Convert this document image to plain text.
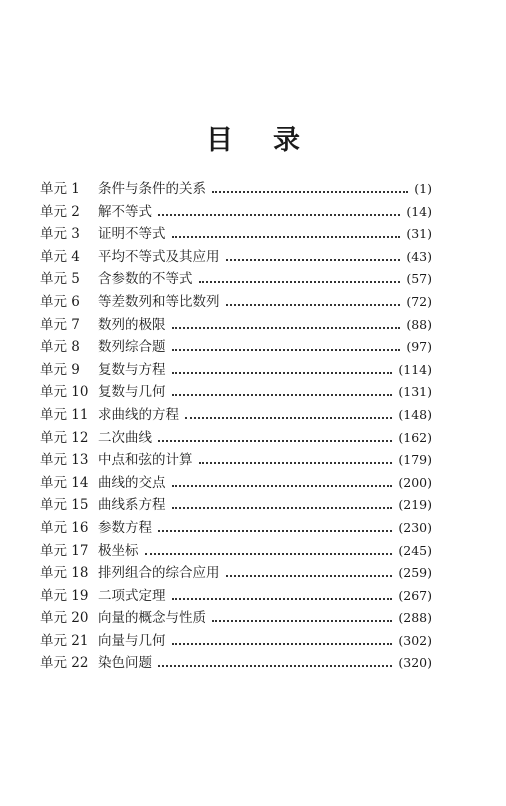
目 录
单元 1	条件与条件的关系	(1)
单元 2	解不等式	(14)
单元 3	证明不等式	(31)
单元 4	平均不等式及其应用	(43)
单元 5	含参数的不等式	(57)
单元 6	等差数列和等比数列	(72)
单元 7	数列的极限	(88)
单元 8	数列综合题	(97)
单元 9	复数与方程	(114)
单元 10 复数与几何	(131)
单元 11 求曲线的方程	(148)
单元 12 二次曲线	(162)
单元 13 中点和弦的计算	(179)
单元 14 曲线的交点	(200)
单元 15 曲线系方程	(219)
单元 16 参数方程	(230)
单元 17 极坐标	(245)
单元 18 排列组合的综合应用	(259)
单元 19 二项式定理	(267)
单元 20 向量的概念与性质	(288)
单元 21 向量与几何	(302)
单元 22 染色问题	(320)
